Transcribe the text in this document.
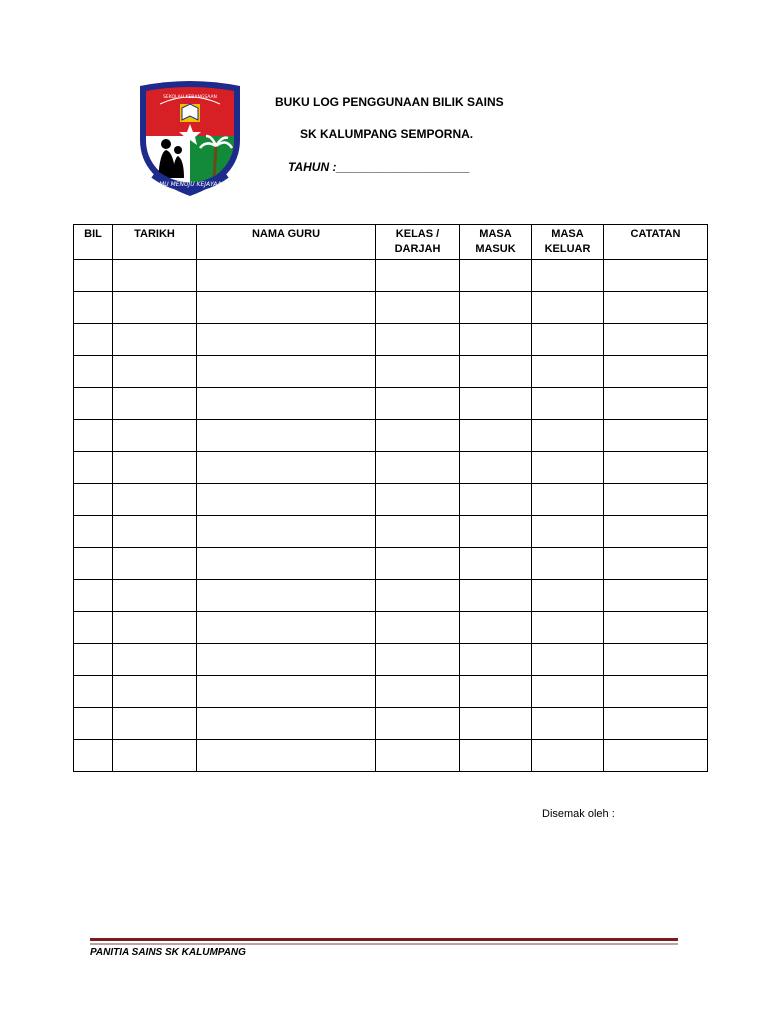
ILMU MENUJU KEJAYAAN
SEKOLAH KEBANGSAAN	BUKU LOG PENGGUNAAN BILIK SAINS
SK KALUMPANG SEMPORNA.
TAHUN :____________________
BIL	TARIKH	NAMA GURU	KELAS / DARJAH	MASA MASUK	MASA KELUAR	CATATAN

Disemak oleh :
PANITIA SAINS SK KALUMPANG
